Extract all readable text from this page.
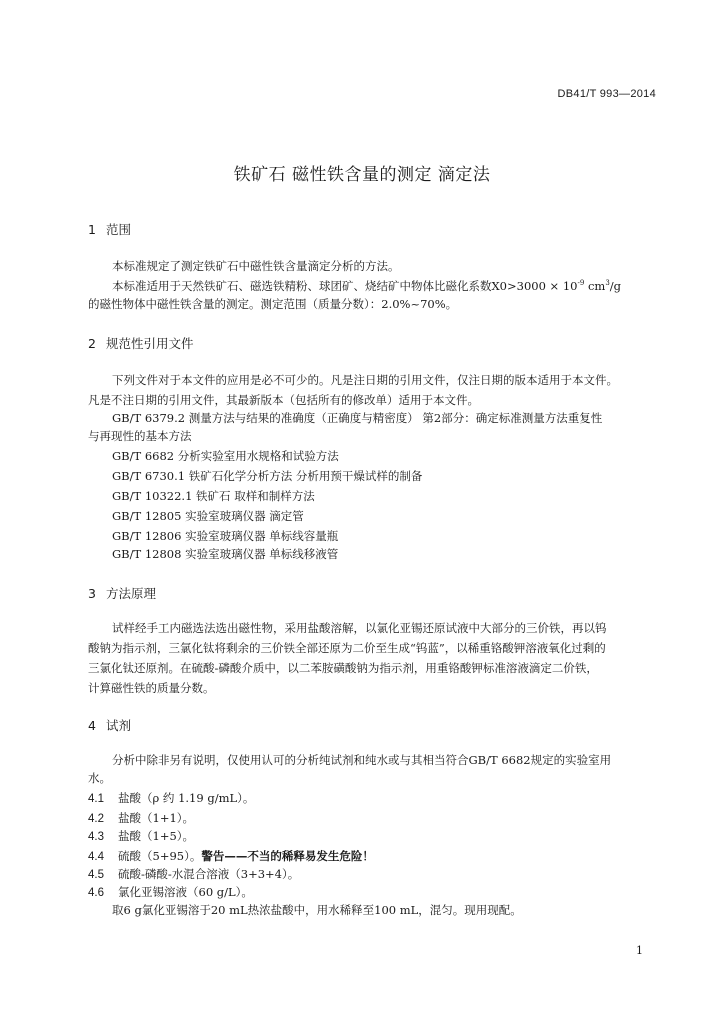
DB41/T 993—2014
铁矿石 磁性铁含量的测定 滴定法
1 范围
本标准规定了测定铁矿石中磁性铁含量滴定分析的方法。
本标准适用于天然铁矿石、磁选铁精粉、球团矿、烧结矿中物体比磁化系数$X0>3000 \times 10^{-9}$ $cm^3/g$
的磁性物体中磁性铁含量的测定。测定范围（质量分数）：2.0%~70%。
2 规范性引用文件
下列文件对于本文件的应用是必不可少的。凡是注日期的引用文件，仅注日期的版本适用于本文件。
凡是不注日期的引用文件，其最新版本（包括所有的修改单）适用于本文件。
GB/T 6379.2 测量方法与结果的准确度（正确度与精密度） 第2部分：确定标准测量方法重复性
与再现性的基本方法
GB/T 6682 分析实验室用水规格和试验方法
GB/T 6730.1 铁矿石化学分析方法 分析用预干燥试样的制备
GB/T 10322.1 铁矿石 取样和制样方法
GB/T 12805 实验室玻璃仪器 滴定管
GB/T 12806 实验室玻璃仪器 单标线容量瓶
GB/T 12808 实验室玻璃仪器 单标线移液管
3 方法原理
试样经手工内磁选法选出磁性物，采用盐酸溶解，以氯化亚锡还原试液中大部分的三价铁，再以钨
酸钠为指示剂，三氯化钛将剩余的三价铁全部还原为二价至生成“钨蓝”，以稀重铬酸钾溶液氧化过剩的
三氯化钛还原剂。在硫酸-磷酸介质中，以二苯胺磺酸钠为指示剂，用重铬酸钾标准溶液滴定二价铁，
计算磁性铁的质量分数。
4 试剂
分析中除非另有说明，仅使用认可的分析纯试剂和纯水或与其相当符合GB/T 6682规定的实验室用
水。
4.1 盐酸（ρ 约 1.19 g/mL）。
4.2 盐酸（1+1）。
4.3 盐酸（1+5）。
4.4 硫酸（5+95）。警告——不当的稀释易发生危险！
4.5 硫酸-磷酸-水混合溶液（3+3+4）。
4.6 氯化亚锡溶液（60 g/L）。
取6 g氯化亚锡溶于20 mL热浓盐酸中，用水稀释至100 mL，混匀。现用现配。
1
